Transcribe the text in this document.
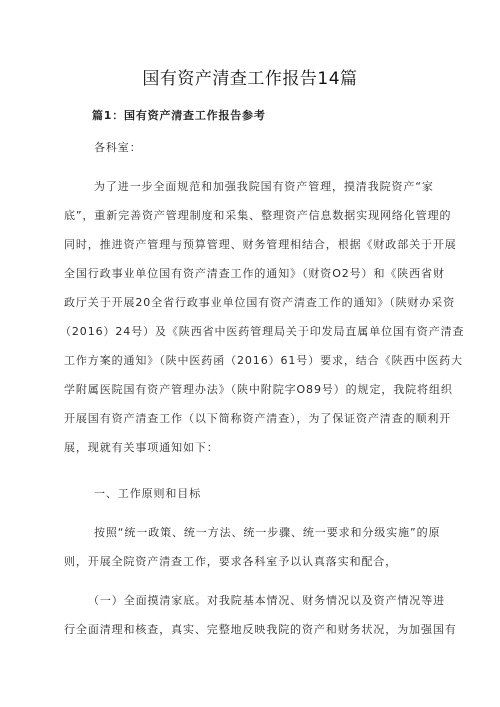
国有资产清查工作报告14篇
篇1：国有资产清查工作报告参考
各科室：
为了进一步全面规范和加强我院国有资产管理，摸清我院资产“家
底”，重新完善资产管理制度和采集、整理资产信息数据实现网络化管理的
同时，推进资产管理与预算管理、财务管理相结合，根据《财政部关于开展
全国行政事业单位国有资产清查工作的通知》（财资O2号）和《陕西省财
政厅关于开展20全省行政事业单位国有资产清查工作的通知》（陕财办采资
（2016）24号）及《陕西省中医药管理局关于印发局直属单位国有资产清查
工作方案的通知》（陕中医药函（2016）61号）要求，结合《陕西中医药大
学附属医院国有资产管理办法》（陕中附院字O89号）的规定，我院将组织
开展国有资产清查工作（以下简称资产清查），为了保证资产清查的顺利开
展，现就有关事项通知如下：
一、工作原则和目标
按照“统一政策、统一方法、统一步骤、统一要求和分级实施”的原
则，开展全院资产清查工作，要求各科室予以认真落实和配合，
（一）全面摸清家底。对我院基本情况、财务情况以及资产情况等进
行全面清理和核查，真实、完整地反映我院的资产和财务状况，为加强国有
